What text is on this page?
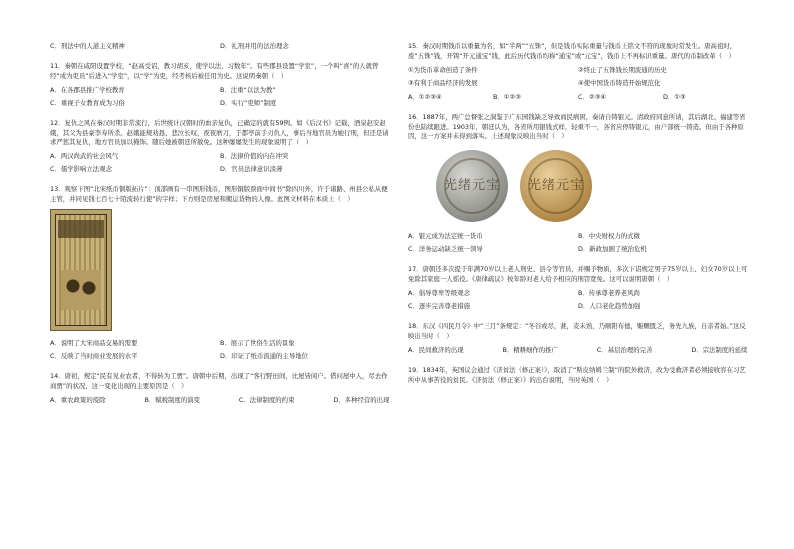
C．刑法中的人道主义精神	D．礼刑并用的法治理念

11．秦朝在咸阳设置学校，“赵高受诏，教习胡亥，使学以法，习数年”。有些郡县设置“学室”，一个叫“喜”的人就曾经“成为吏员”后进入“学室”，以“学”为吏，经考核后被任用为史。这说明秦朝（　）

A．在各郡县推广学校教育	B．注重“以法为教”
C．重视子女教育成为习俗	D．实行“吏师”制度

12．复仇之风在秦汉时期非常流行，后世统计汉朝时的血亲复仇，已确定的就有59例。如《后汉书》记载，酒泉赵安赵娥，其父为县豪李寿所杀。赵娥能规劝恳、悲泣长叹，夜夜磨刀，于都亭前手刃仇人，事后当地官员为她行刑，但还是请求严惩其复仇，地方官员加以掩饰。随后她被朝廷所赦免。这种屡屡发生的现象说明了（　）

A．两汉尚武的社会风气	B．法律价值的内在冲突
C．儒学影响立法观念	D．官员法律意识淡薄

13．观察下图“北宋纸币铜版拓片”：顶部画有一串图形钱币，图形铜版票面中间书“除四川外，许于诸路、州县公私从便主管，并同见钱七百七十陌流转行使”的字样；下方则是房屋和搬运货物的人像。此图文材料在本质上（　）

A．说明了大宋商品交易的需要	B．展示了世俗生活的景象
C．反映了当时商业发展的水平	D．印证了纸币流通的主导地位

14．唐初，规定“民有见业农者，不得转为工贾”。唐朝中后期，出现了“客行野田间，比屋皆闲户。借问屋中人，尽去作商贾”的状况，这一变化出现的主要原因是（　）

A．重农政策的废除	B．赋税制度的演变	C．法律制度的约束	D．多种经营的出现

15．秦汉时期钱币以重量为名，如“半两”“五铢”，但是钱币实际重量与钱币上铭文不符的现象时常发生。唐高祖时，废“五铢”钱，开铸“开元通宝”钱，此后历代钱币均称“通宝”或“元宝”，钱币上不再标识重量。唐代的币制改革（　）

①为货币革命创造了条件	②终止了五铢钱长期流通的历史
③有利于商品经济的发展	④使中国货币铸造开始规范化
A．①②③④	B．①②③	C．②③④	D．①③

16．1887年，两广总督张之洞鉴于广东园钱缺乏导致商民病困，奏请自铸银元。清政府同意所请，其后湖北、福建等省份也陆续跟进。1903年，朝廷认为，各省所用银钱式样，轻重不一，各省应停铸银元，由户部统一铸造。但由于各种原因，这一方案并未得到落实。上述现象反映出当时（　）

光绪元宝	光绪元宝
A．银元成为法定统一货币	B．中央财权力的式微
C．洋务运动缺乏统一领导	D．新政加剧了统治危机

17．唐朝还多次提于年满70岁以上老人刑史、县令等官员，并赐予物质，多次下诏规定男子75岁以上、妇女70岁以上可免除其家庭一人徭役。《唐律疏议》按年龄对老人给予相应的刑罚宽免。这可以说明唐朝（　）

A．倡导尊卑等级观念	B．传承尊老养老风尚
C．逐步完善尊老措施	D．人口老化趋势加强

18．东汉《四民月令》中“三月”条规定：“冬谷或尽，葚，麦未熟，乃顺阳布德，赈赡匮乏，务先九族，自亲者始。”这反映出当时（　）

A．民间救济的出现	B．精耕细作的推广	C．基层治理的完善	D．宗法制度的延续

19．1834年，英国议会通过《济贫法（修正案）》，取消了“斯皮纳姆兰制”的院外救济，改为受救济者必须接收容在习艺所中从事苦役的贫民。《济贫法（修正案）》的出台说明，当时英国（　）
